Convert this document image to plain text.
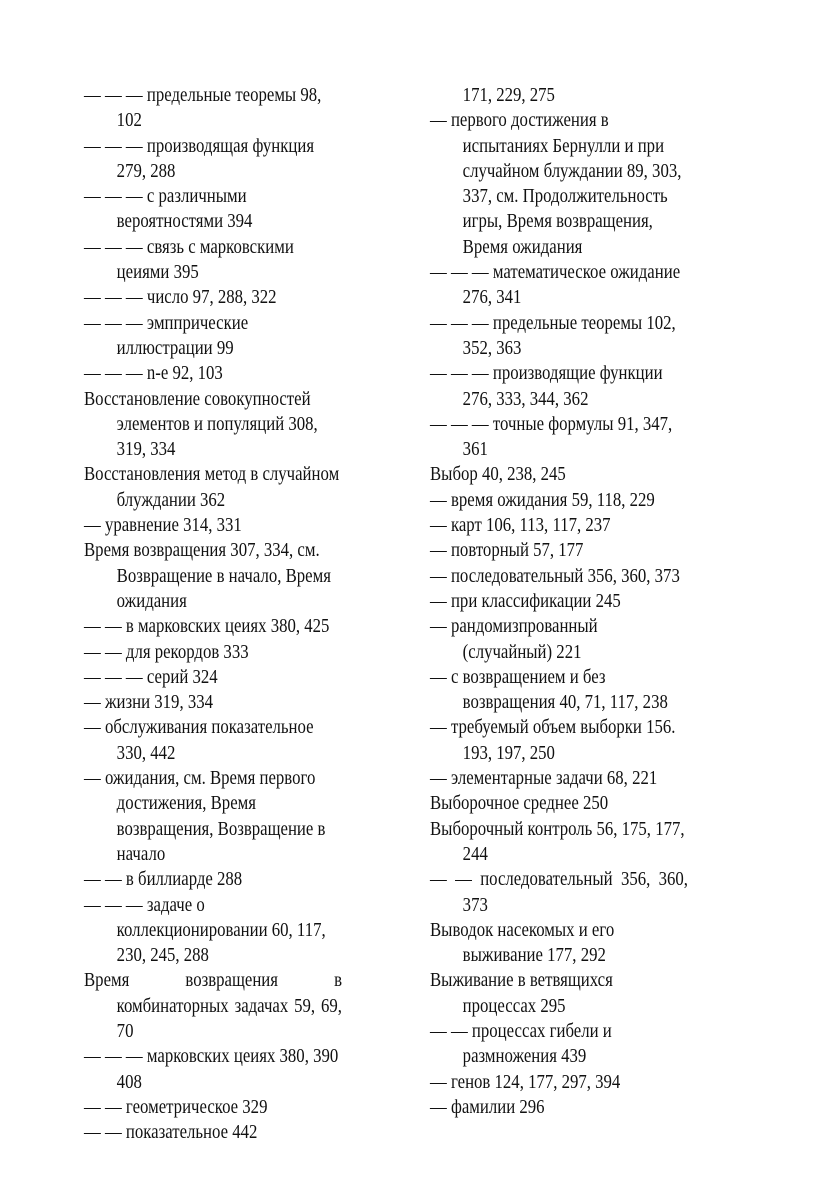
— — — предельные теоремы 98, 102

— — — производящая функция 279, 288

— — — с различными вероятностями 394

— — — связь с марковскими цеиями 395

— — — число 97, 288, 322

— — — эмппрические иллюстрации 99

— — — n-е 92, 103

Восстановление совокупностей элементов и популяций 308, 319, 334

Восстановления метод в случайном блуждании 362

— уравнение 314, 331

Время возвращения 307, 334, см. Возвращение в начало, Время ожидания

— — в марковских цеиях 380, 425

— — для рекордов 333

— — — серий 324

— жизни 319, 334

— обслуживания показательное 330, 442

— ожидания, см. Время первого достижения, Время возвращения, Возвращение в начало

— — в биллиарде 288

— — — задаче о коллекционировании 60, 117, 230, 245, 288

Время возвращения в комбинаторных задачах 59, 69, 70

— — — марковских цеиях 380, 390 408

— — геометрическое 329

— — показательное 442

171, 229, 275

— первого достижения в испытаниях Бернулли и при случайном блуждании 89, 303, 337, см. Продолжительность игры, Время возвращения, Время ожидания

— — — математическое ожидание 276, 341

— — — предельные теоремы 102, 352, 363

— — — производящие функции 276, 333, 344, 362

— — — точные формулы 91, 347, 361

Выбор 40, 238, 245

— время ожидания 59, 118, 229

— карт 106, 113, 117, 237

— повторный 57, 177

— последовательный 356, 360, 373

— при классификации 245

— рандомизпрованный (случайный) 221

— с возвращением и без возвращения 40, 71, 117, 238

— требуемый объем выборки 156. 193, 197, 250

— элементарные задачи 68, 221

Выборочное среднее 250

Выборочный контроль 56, 175, 177, 244

— — последовательный 356, 360, 373

Выводок насекомых и его выживание 177, 292

Выживание в ветвящихся процессах 295

— — процессах гибели и размножения 439

— генов 124, 177, 297, 394

— фамилии 296
